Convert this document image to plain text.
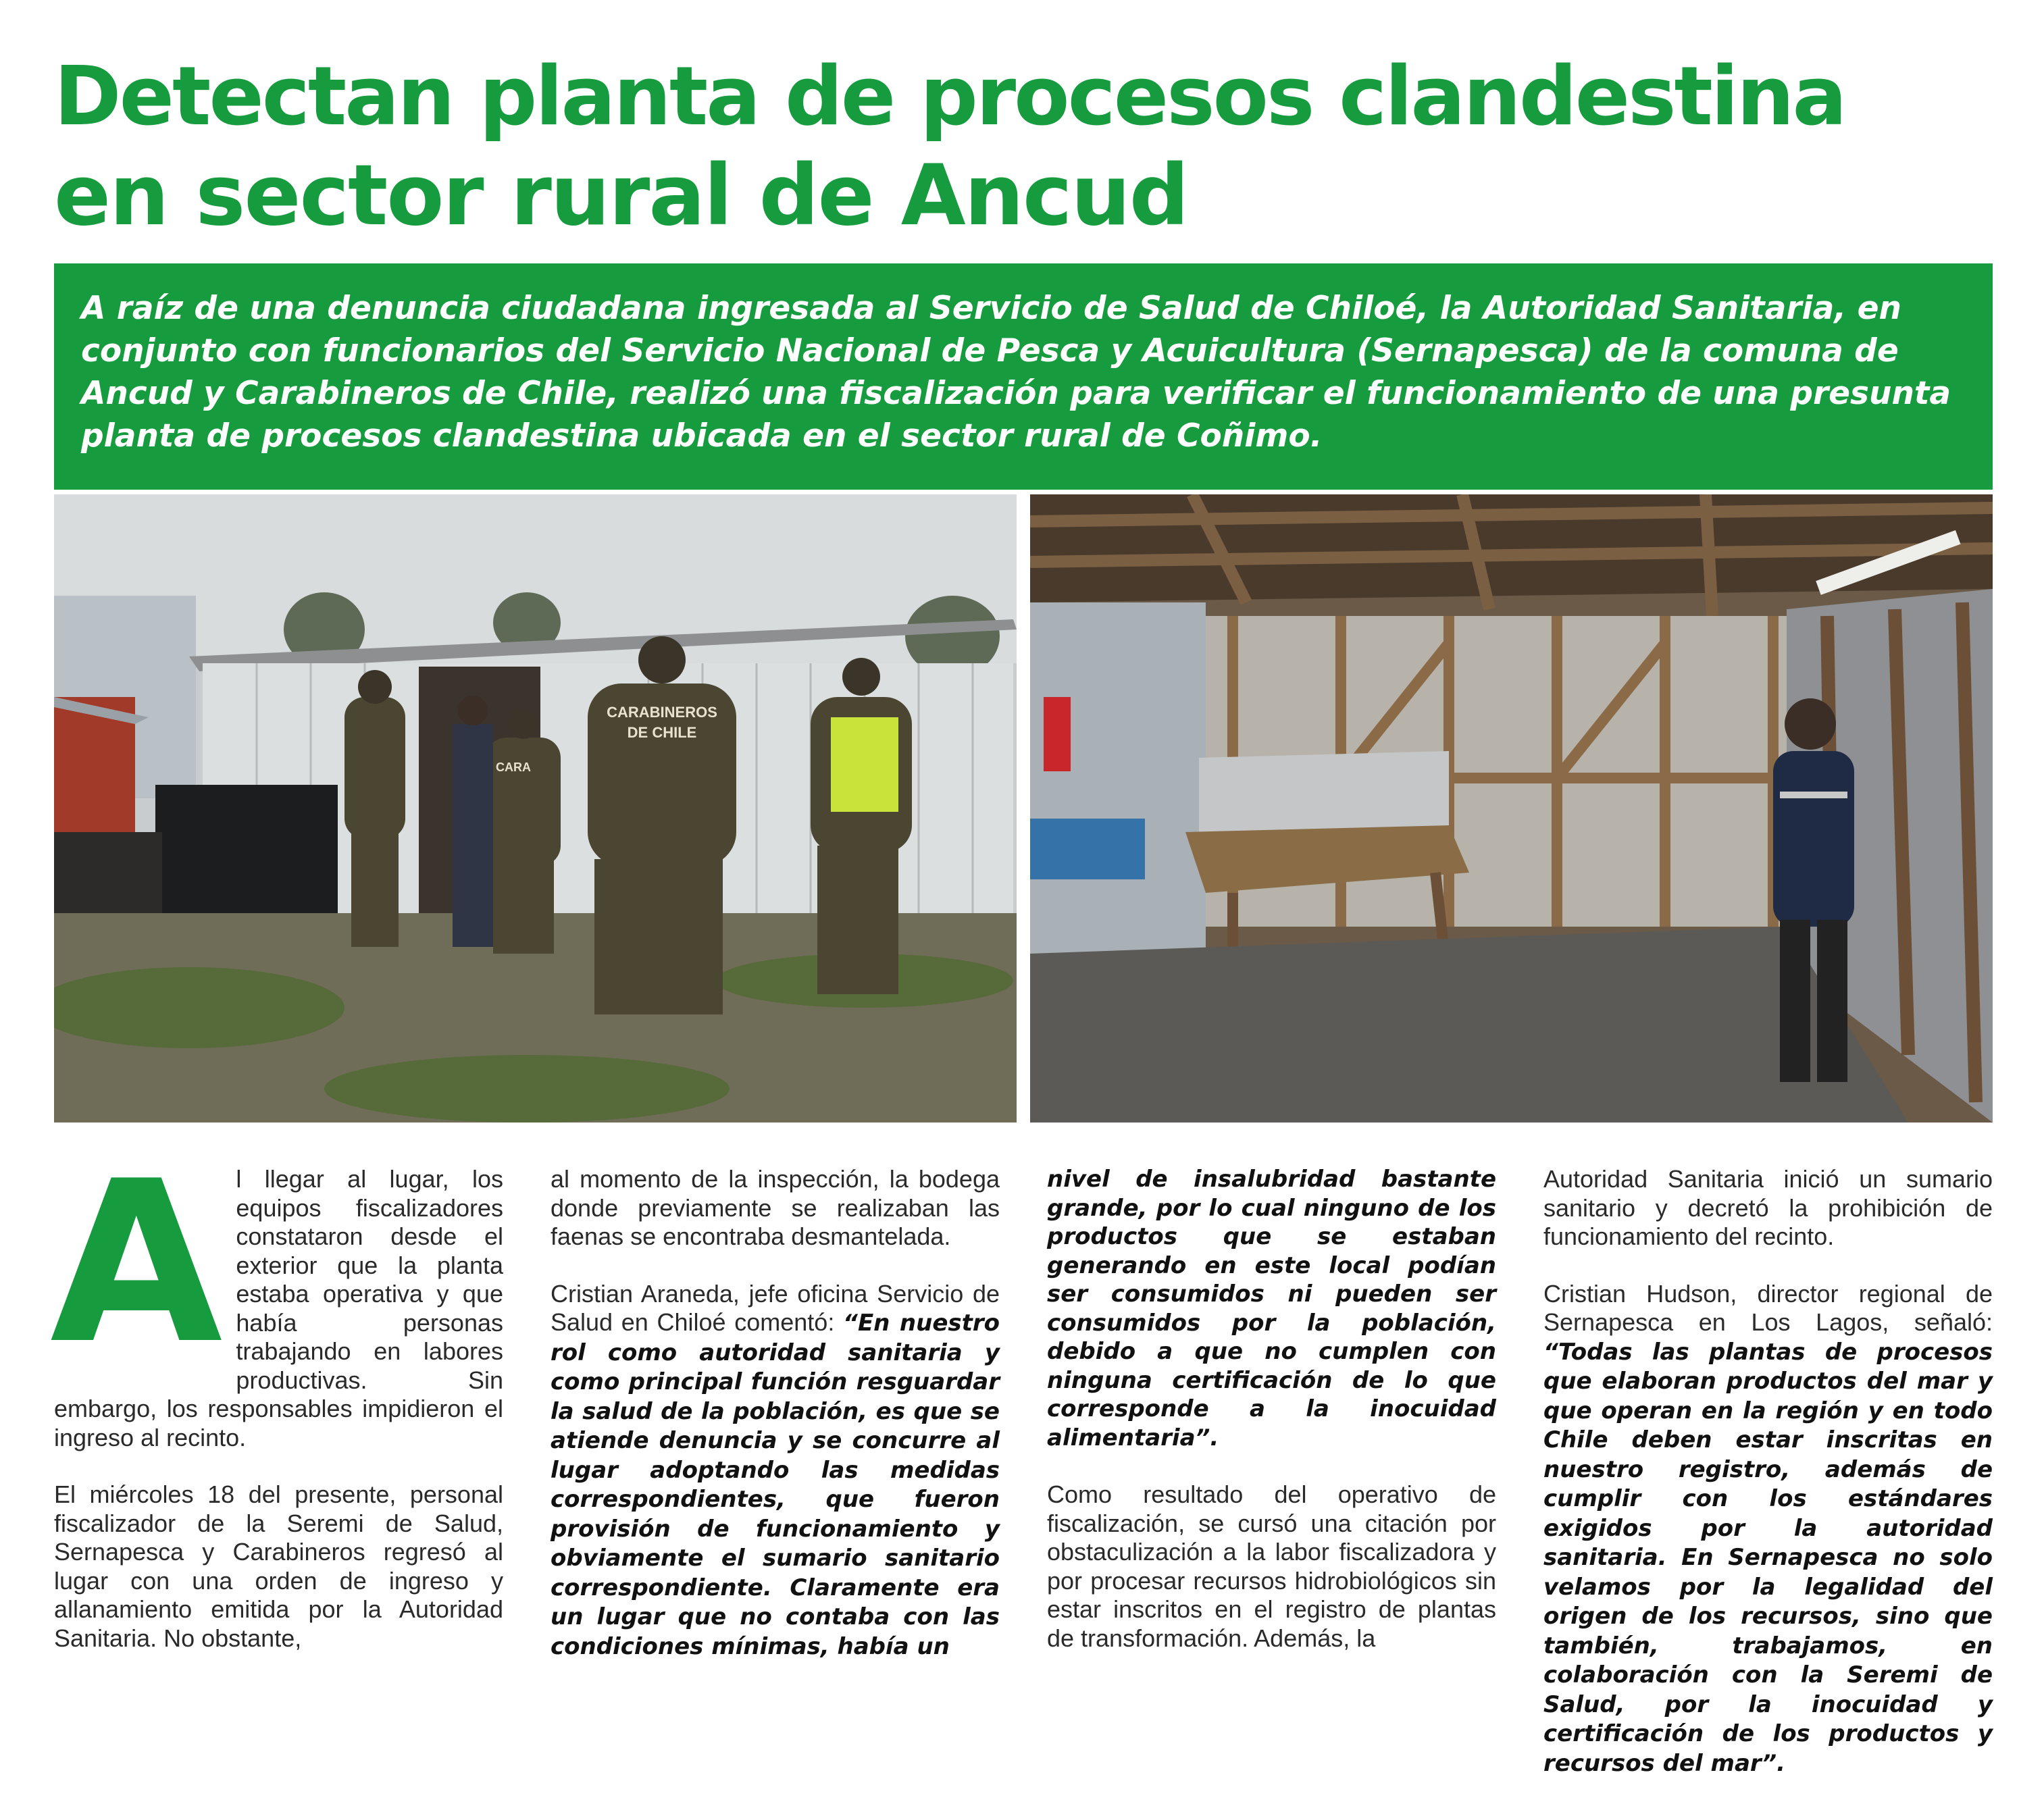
Detectan planta de procesos clandestina
en sector rural de Ancud

A raíz de una denuncia ciudadana ingresada al Servicio de Salud de Chiloé, la Autoridad Sanitaria, en conjunto con funcionarios del Servicio Nacional de Pesca y Acuicultura (Sernapesca) de la comuna de Ancud y Carabineros de Chile, realizó una fiscalización para verificar el funcionamiento de una presunta planta de procesos clandestina ubicada en el sector rural de Coñimo.

CARABINEROS
DE CHILE
CARA

Al llegar al lugar, los equipos fiscalizadores constataron desde el exterior que la planta estaba operativa y que había personas trabajando en labores productivas. Sin embargo, los responsables impidieron el ingreso al recinto.

El miércoles 18 del presente, personal fiscalizador de la Seremi de Salud, Sernapesca y Carabineros regresó al lugar con una orden de ingreso y allanamiento emitida por la Autoridad Sanitaria. No obstante,

al momento de la inspección, la bodega donde previamente se realizaban las faenas se encontraba desmantelada.

Cristian Araneda, jefe oficina Servicio de Salud en Chiloé comentó: “En nuestro rol como autoridad sanitaria y como principal función resguardar la salud de la población, es que se atiende denuncia y se concurre al lugar adoptando las medidas correspondientes, que fueron provisión de funcionamiento y obviamente el sumario sanitario correspondiente. Claramente era un lugar que no contaba con las condiciones mínimas, había un

nivel de insalubridad bastante grande, por lo cual ninguno de los productos que se estaban generando en este local podían ser consumidos ni pueden ser consumidos por la población, debido a que no cumplen con ninguna certificación de lo que corresponde a la inocuidad alimentaria”.

Como resultado del operativo de fiscalización, se cursó una citación por obstaculización a la labor fiscalizadora y por procesar recursos hidrobiológicos sin estar inscritos en el registro de plantas de transformación. Además, la

Autoridad Sanitaria inició un sumario sanitario y decretó la prohibición de funcionamiento del recinto.

Cristian Hudson, director regional de Sernapesca en Los Lagos, señaló: “Todas las plantas de procesos que elaboran productos del mar y que operan en la región y en todo Chile deben estar inscritas en nuestro registro, además de cumplir con los estándares exigidos por la autoridad sanitaria. En Sernapesca no solo velamos por la legalidad del origen de los recursos, sino que también, trabajamos, en colaboración con la Seremi de Salud, por la inocuidad y certificación de los productos y recursos del mar”.
